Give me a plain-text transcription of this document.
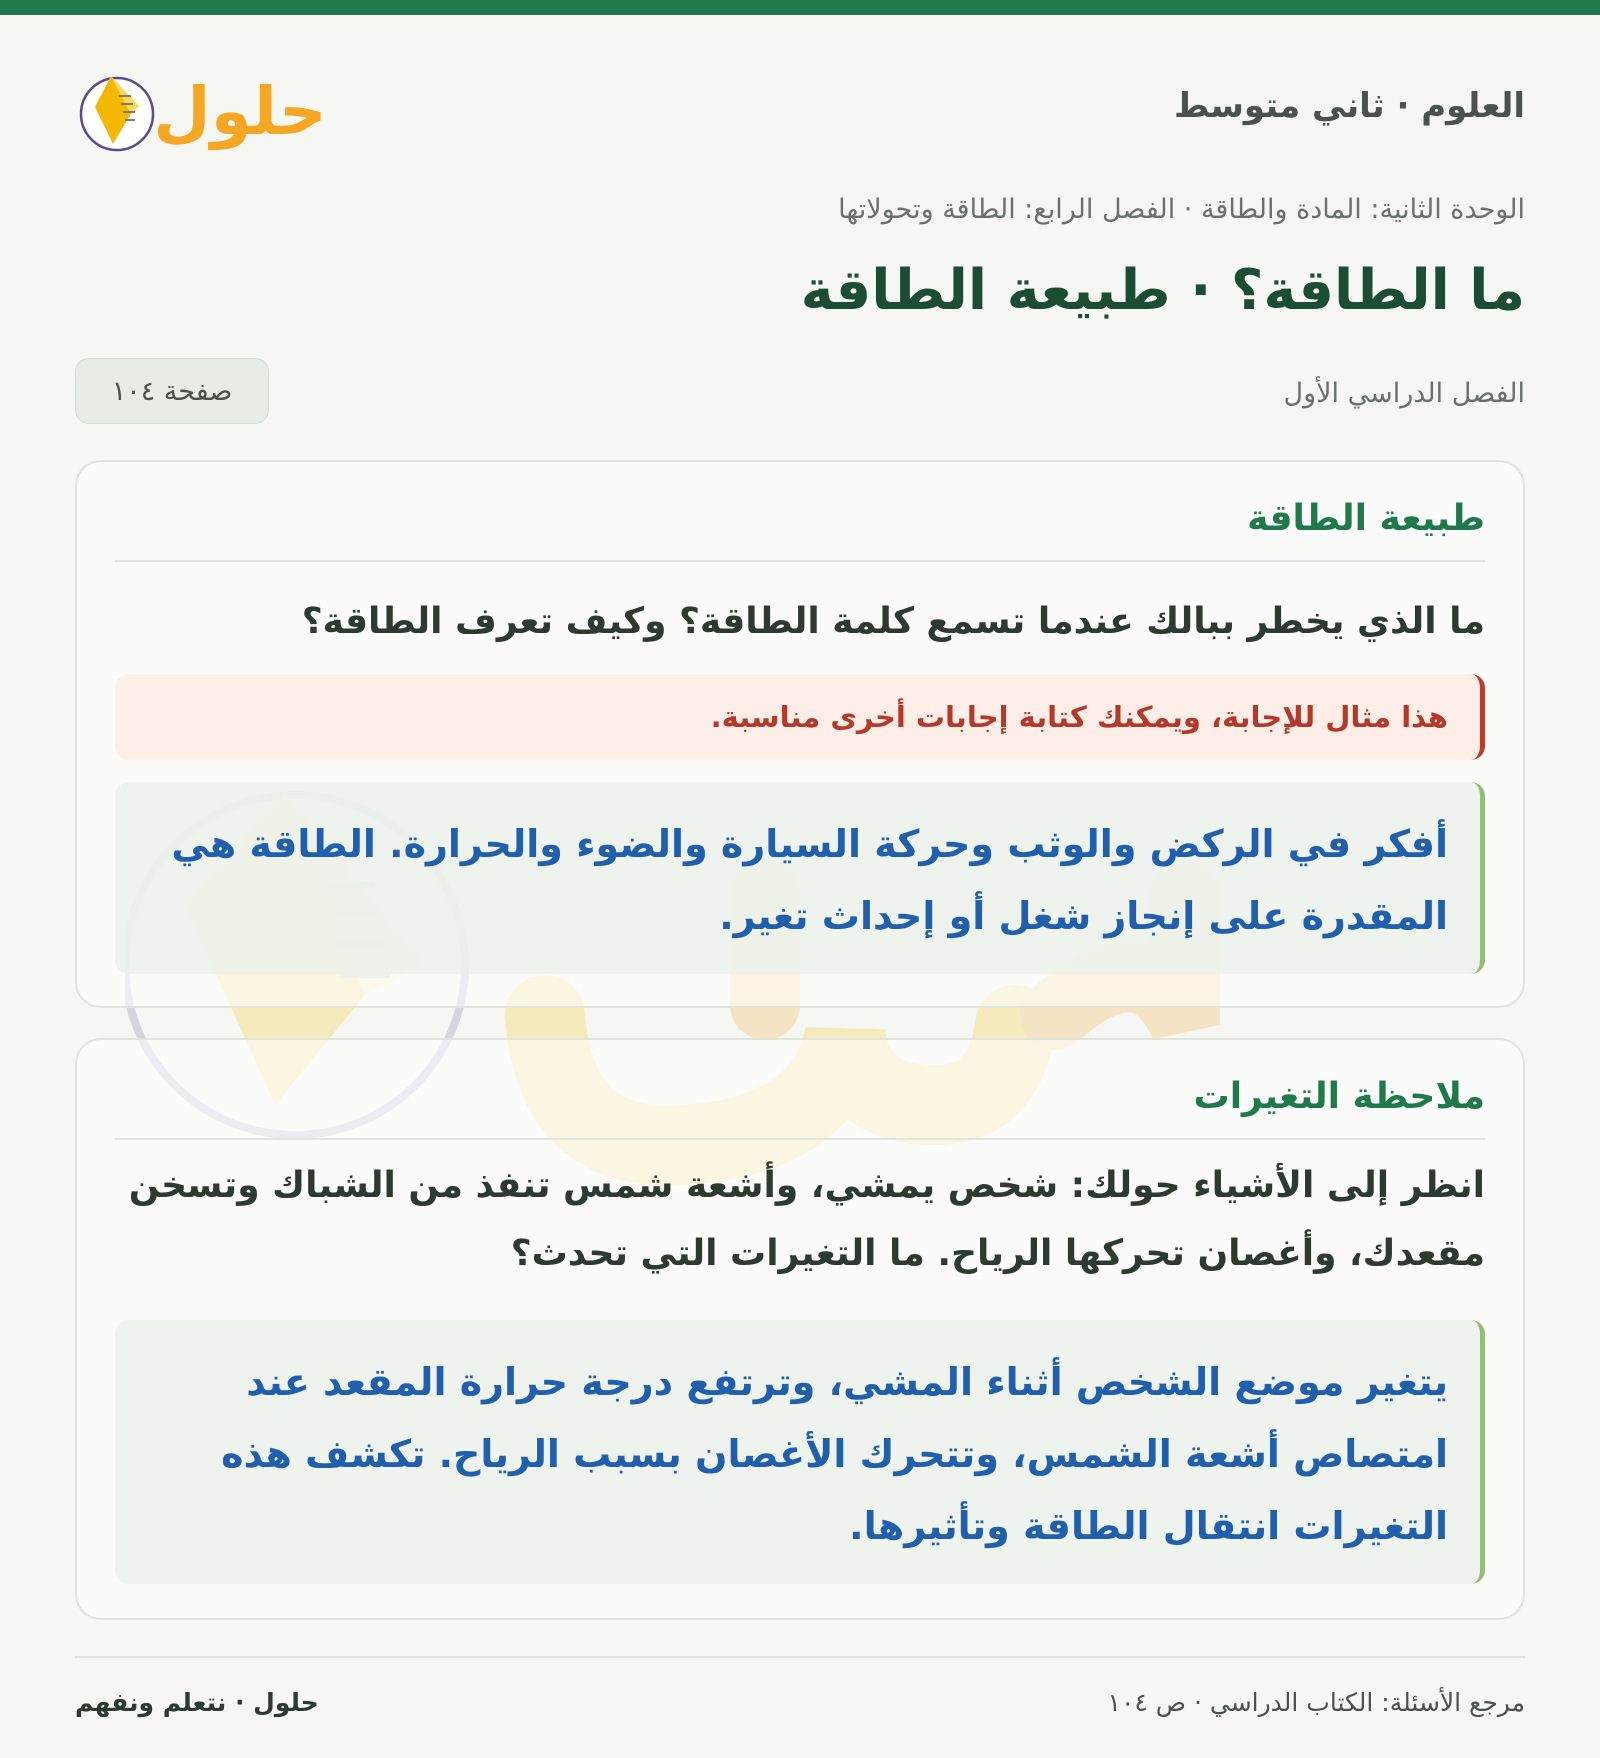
العلوم · ثاني متوسط
حلول
الوحدة الثانية: المادة والطاقة · الفصل الرابع: الطاقة وتحولاتها
ما الطاقة؟ · طبيعة الطاقة
الفصل الدراسي الأول
صفحة ١٠٤
طبيعة الطاقة

ما الذي يخطر ببالك عندما تسمع كلمة الطاقة؟ وكيف تعرف الطاقة؟

هذا مثال للإجابة، ويمكنك كتابة إجابات أخرى مناسبة.
أفكر في الركض والوثب وحركة السيارة والضوء والحرارة. الطاقة هي المقدرة على إنجاز شغل أو إحداث تغير.
ملاحظة التغيرات

انظر إلى الأشياء حولك: شخص يمشي، وأشعة شمس تنفذ من الشباك وتسخن مقعدك، وأغصان تحركها الرياح. ما التغيرات التي تحدث؟

يتغير موضع الشخص أثناء المشي، وترتفع درجة حرارة المقعد عند امتصاص أشعة الشمس، وتتحرك الأغصان بسبب الرياح. تكشف هذه التغيرات انتقال الطاقة وتأثيرها.
مرجع الأسئلة: الكتاب الدراسي · ص ١٠٤
حلول · نتعلم ونفهم
